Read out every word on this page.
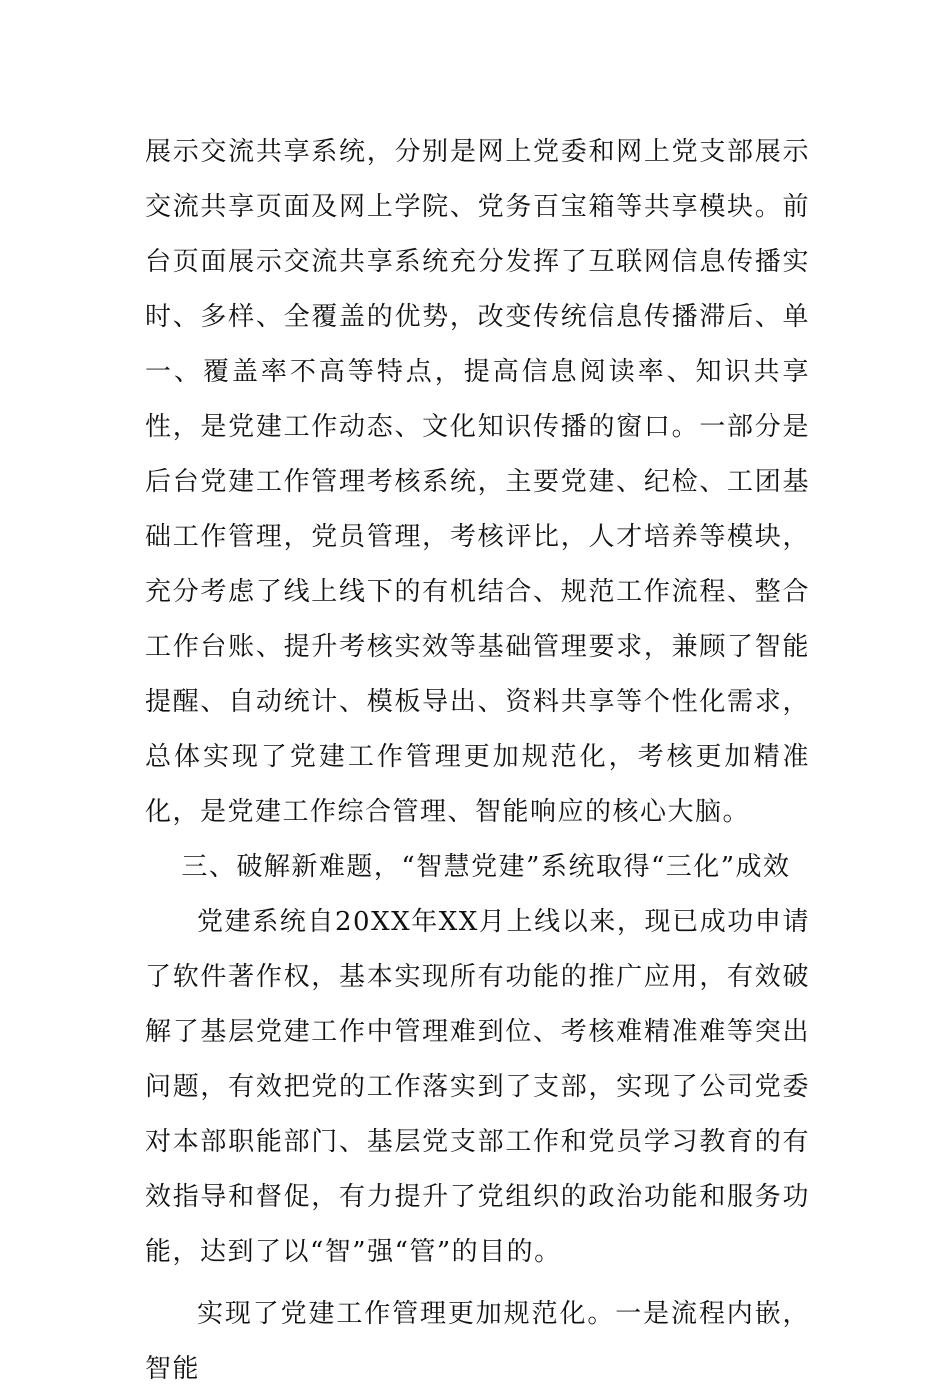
展示交流共享系统，分别是网上党委和网上党支部展示交流共享页面及网上学院、党务百宝箱等共享模块。前台页面展示交流共享系统充分发挥了互联网信息传播实时、多样、全覆盖的优势，改变传统信息传播滞后、单一、覆盖率不高等特点，提高信息阅读率、知识共享性，是党建工作动态、文化知识传播的窗口。一部分是后台党建工作管理考核系统，主要党建、纪检、工团基础工作管理，党员管理，考核评比，人才培养等模块，充分考虑了线上线下的有机结合、规范工作流程、整合工作台账、提升考核实效等基础管理要求，兼顾了智能提醒、自动统计、模板导出、资料共享等个性化需求，总体实现了党建工作管理更加规范化，考核更加精准化，是党建工作综合管理、智能响应的核心大脑。

三、破解新难题，“智慧党建”系统取得“三化”成效

党建系统自20XX年XX月上线以来，现已成功申请了软件著作权，基本实现所有功能的推广应用，有效破解了基层党建工作中管理难到位、考核难精准难等突出问题，有效把党的工作落实到了支部，实现了公司党委对本部职能部门、基层党支部工作和党员学习教育的有效指导和督促，有力提升了党组织的政治功能和服务功能，达到了以“智”强“管”的目的。

实现了党建工作管理更加规范化。一是流程内嵌，智能
